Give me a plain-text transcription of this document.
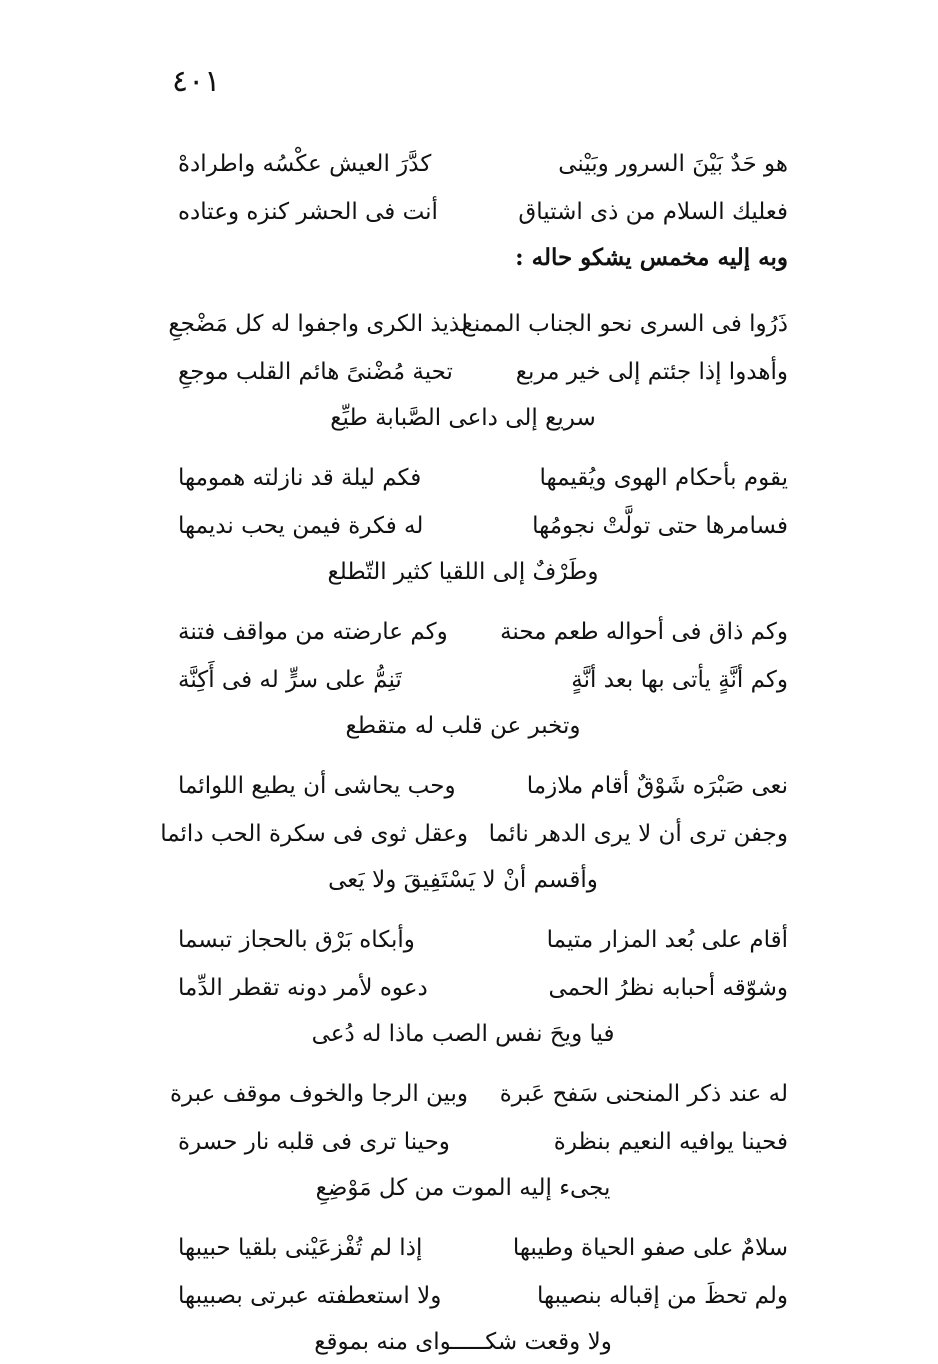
٤٠١
هو حَدٌ بَيْنَ السرور وبَيْنى
كدَّرَ العيش عكْسُه واطرادهْ
فعليك السلام من ذى اشتياق
أنت فى الحشر كنزه وعتاده
وبه إليه مخمس يشكو حاله :
ذَرُوا فى السرى نحو الجناب الممنع
لذيذ الكرى واجفوا له كل مَضْجعِ
وأهدوا إذا جئتم إلى خير مربع
تحية مُضْنىً هائم القلب موجعِ
سريع إلى داعى الصَّبابة طيِّع
يقوم بأحكام الهوى ويُقيمها
فكم ليلة قد نازلته همومها
فسامرها حتى تولَّتْ نجومُها
له فكرة فيمن يحب نديمها
وطَرْفٌ إلى اللقيا كثير التّطلع
وكم ذاق فى أحواله طعم محنة
وكم عارضته من مواقف فتنة
وكم أنَّةٍ يأتى بها بعد أنَّةٍ
تَنِمُّ على سرٍّ له فى أَكِنَّة
وتخبر عن قلب له متقطع
نعى صَبْرَه شَوْقٌ أقام ملازما
وحب يحاشى أن يطيع اللوائما
وجفن ترى أن لا يرى الدهر نائما
وعقل ثوى فى سكرة الحب دائما
وأقسم أنْ لا يَسْتَفِيقَ ولا يَعى
أقام على بُعد المزار متيما
وأبكاه بَرْق بالحجاز تبسما
وشوّقه أحبابه نظرُ الحمى
دعوه لأمر دونه تقطر الدِّما
فيا ويحَ نفس الصب ماذا له دُعى
له عند ذكر المنحنى سَفح عَبرة
وبين الرجا والخوف موقف عبرة
فحينا يوافيه النعيم بنظرة
وحينا ترى فى قلبه نار حسرة
يجىء إليه الموت من كل مَوْضِعِ
سلامٌ على صفو الحياة وطيبها
إذا لم تُفْزعَيْنى بلقيا حبيبها
ولم تحظَ من إقباله بنصيبها
ولا استعطفته عبرتى بصبيبها
ولا وقعت شكـــــواى منه بموقع
